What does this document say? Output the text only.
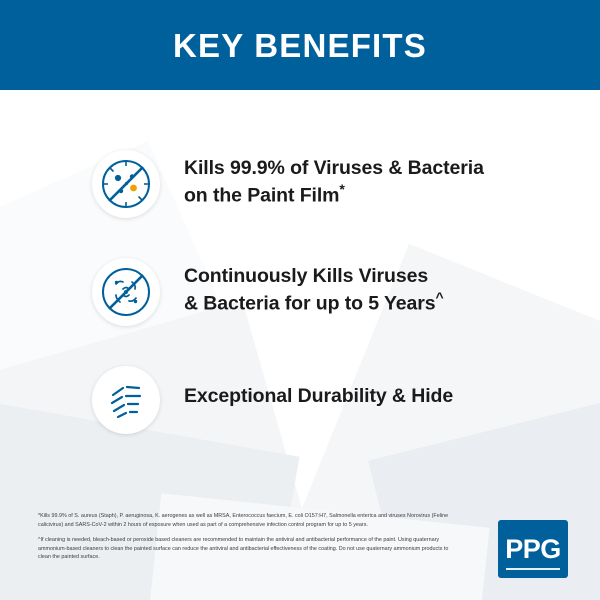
KEY BENEFITS
Kills 99.9% of Viruses & Bacteria
on the Paint Film*
Continuously Kills Viruses
& Bacteria for up to 5 Years^
Exceptional Durability & Hide

*Kills 99.9% of S. aureus (Staph), P. aeruginosa, K. aerogenes as well as MRSA, Enterococcus faecium, E. coli O157:H7, Salmonella enterica and viruses Norovirus (Feline calicivirus) and SARS-CoV-2 within 2 hours of exposure when used as part of a comprehensive infection control program for up to 5 years.

^If cleaning is needed, bleach-based or peroxide based cleaners are recommended to maintain the antiviral and antibacterial performance of the paint. Using quaternary ammonium-based cleaners to clean the painted surface can reduce the antiviral and antibacterial effectiveness of the coating. Do not use quaternary ammonium products to clean the painted surface.	PPG
